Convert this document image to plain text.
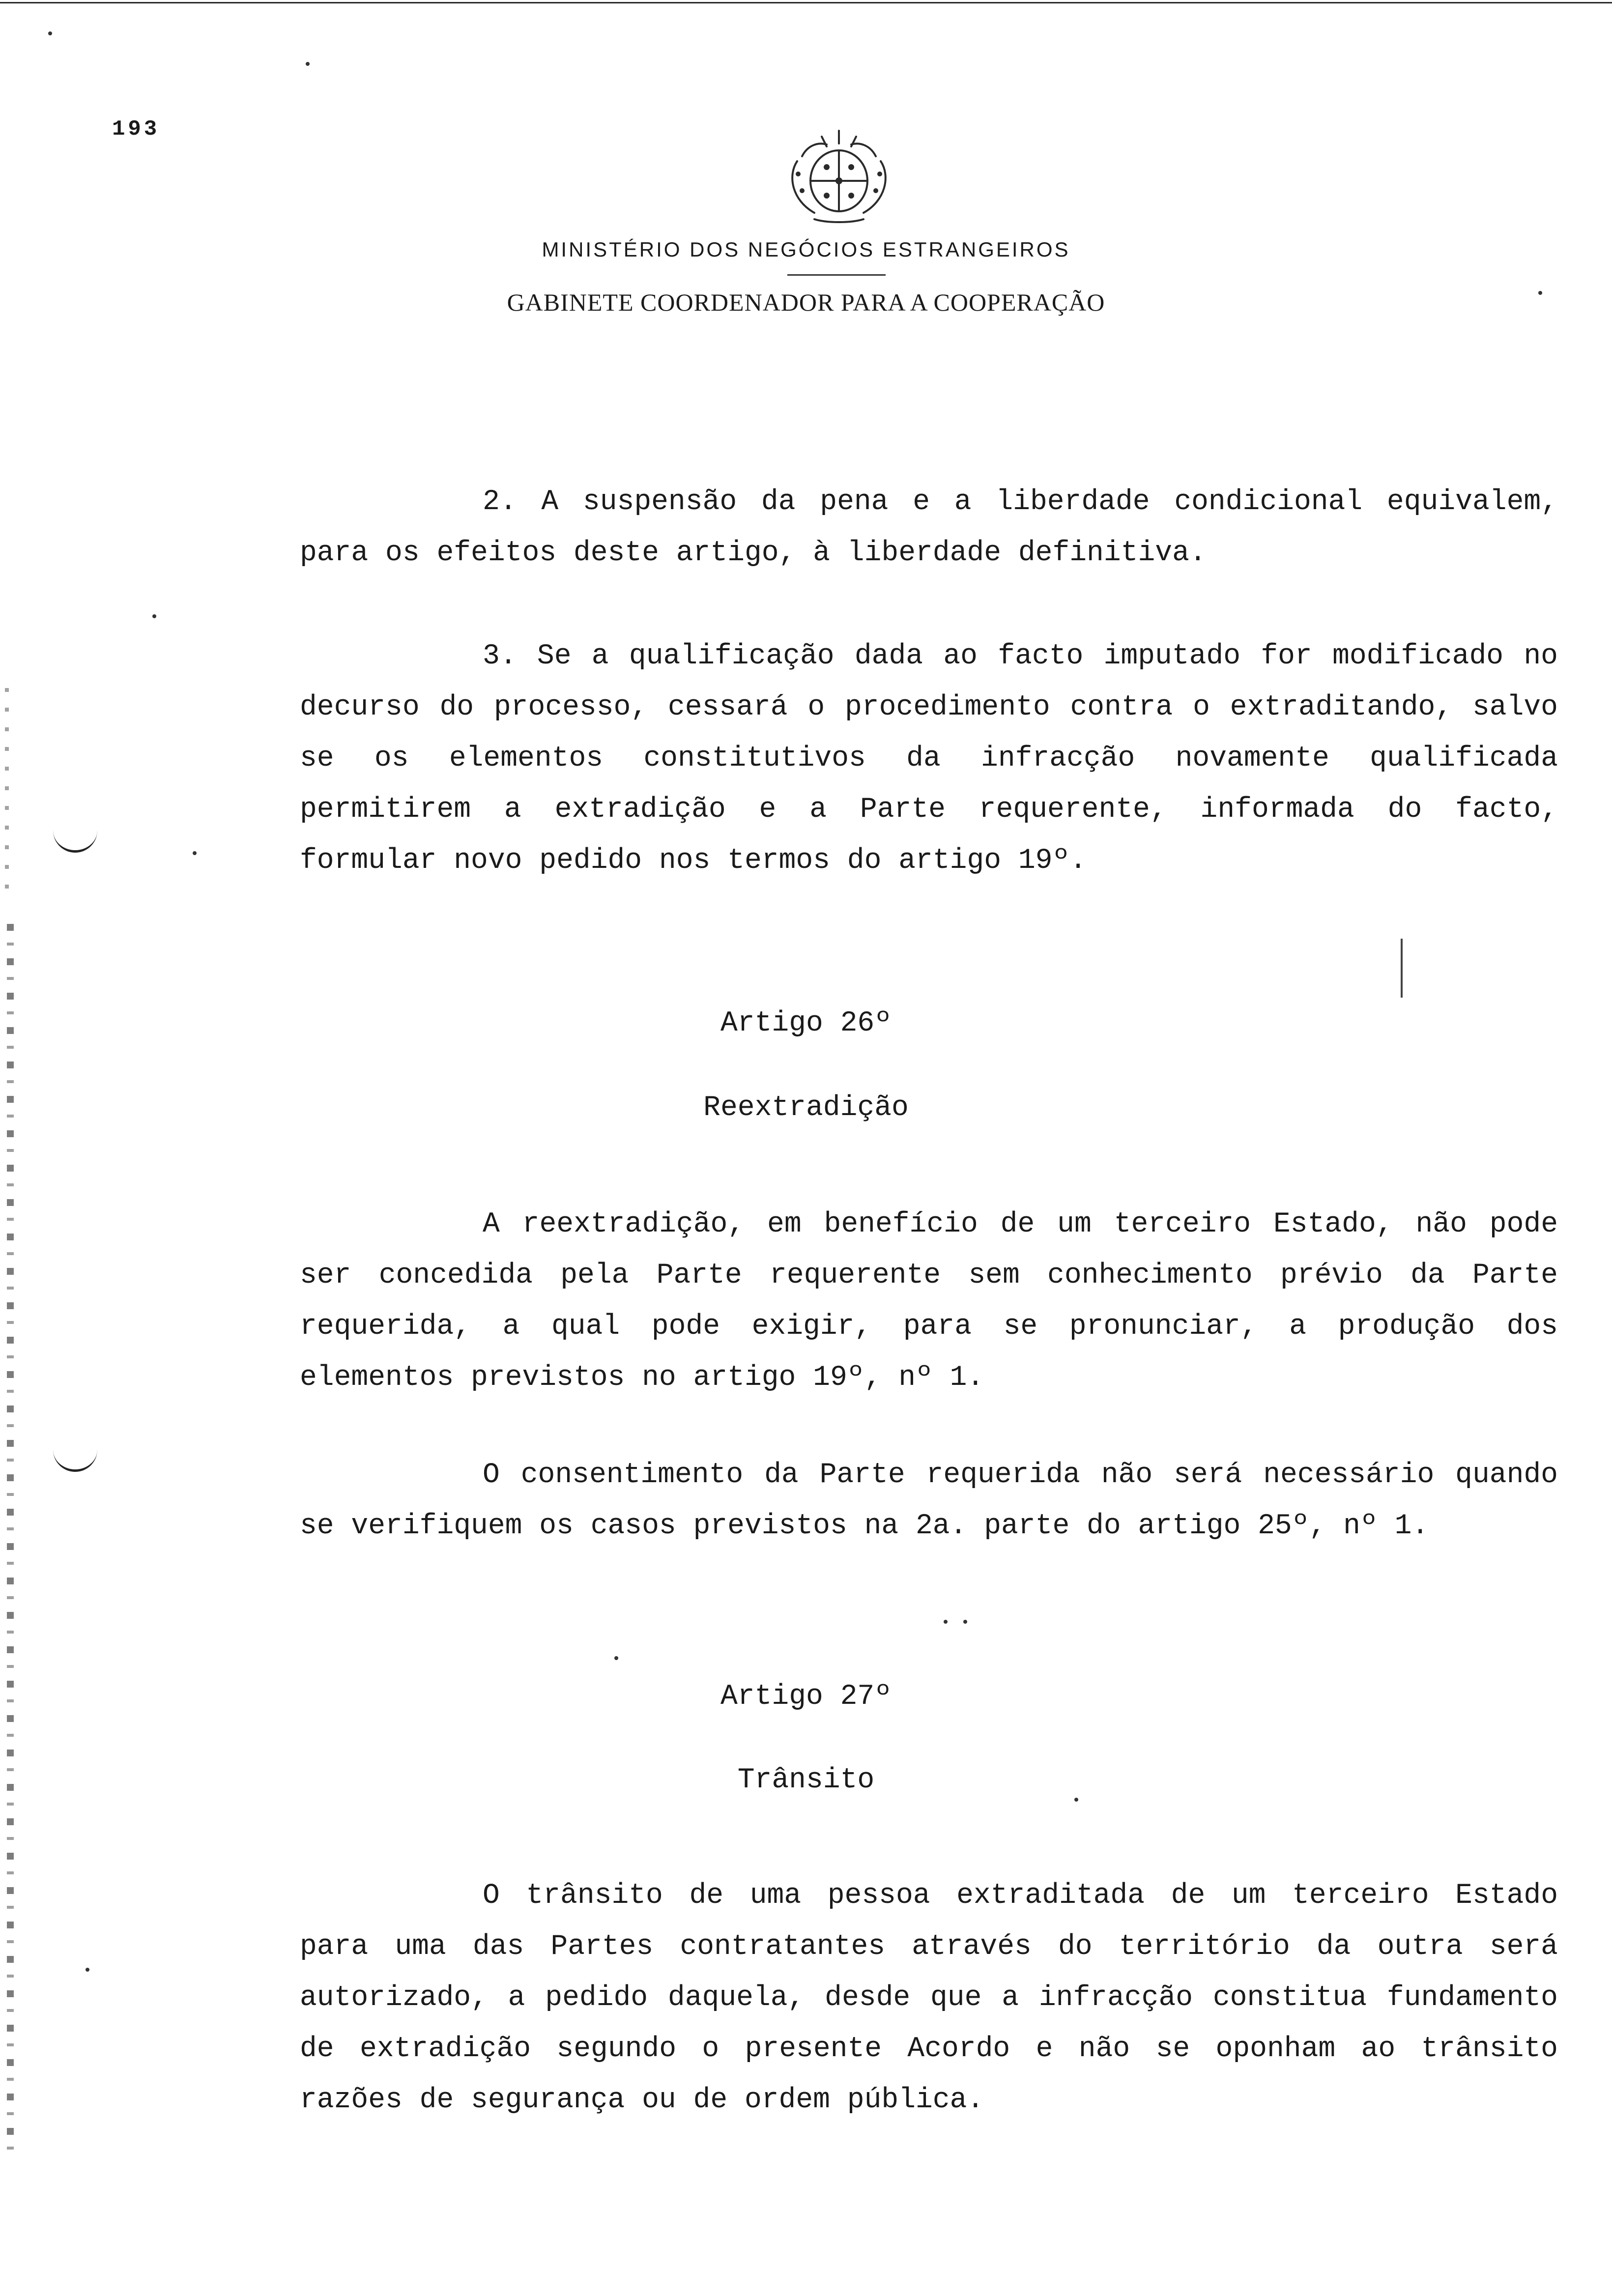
193
MINISTÉRIO DOS NEGÓCIOS ESTRANGEIROS
GABINETE COORDENADOR PARA A COOPERAÇÃO

2. A suspensão da pena e a liberdade condicional equivalem, para os efeitos deste artigo, à liberdade definitiva.

3. Se a qualificação dada ao facto imputado for modificado no decurso do processo, cessará o procedimento contra o extraditando, salvo se os elementos constitutivos da infracção novamente qualificada permitirem a extradição e a Parte requerente, informada do facto, formular novo pedido nos termos do artigo 19º.

Artigo 26º
Reextradição

A reextradição, em benefício de um terceiro Estado, não pode ser concedida pela Parte requerente sem conhecimento prévio da Parte requerida, a qual pode exigir, para se pronunciar, a produção dos elementos previstos no artigo 19º, nº 1.

O consentimento da Parte requerida não será necessário quando se verifiquem os casos previstos na 2a. parte do artigo 25º, nº 1.

Artigo 27º
Trânsito

O trânsito de uma pessoa extraditada de um terceiro Estado para uma das Partes contratantes através do território da outra será autorizado, a pedido daquela, desde que a infracção constitua fundamento de extradição segundo o presente Acordo e não se oponham ao trânsito razões de segurança ou de ordem pública.
